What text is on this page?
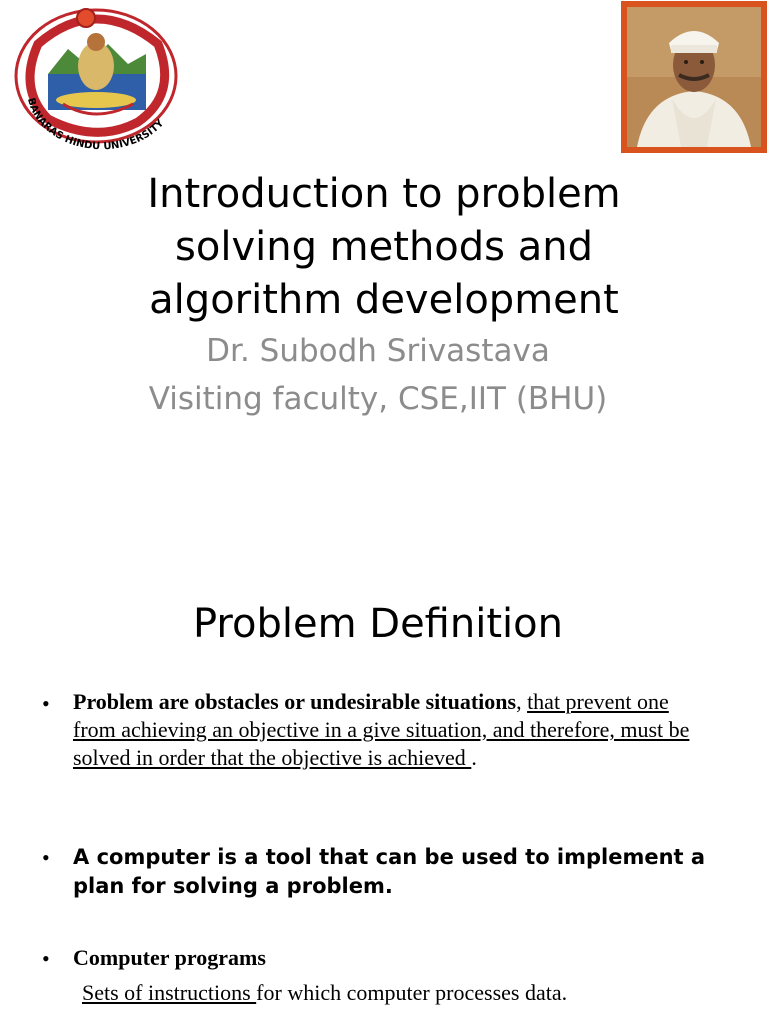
BANARAS HINDU UNIVERSITY
Introduction to problem
solving methods and
algorithm development

Dr. Subodh Srivastava

Visiting faculty, CSE,IIT (BHU)

Problem Definition
• Problem are obstacles or undesirable situations, that prevent one from achieving an objective in a give situation, and therefore, must be solved in order that the objective is achieved .

• A computer is a tool that can be used to implement a plan for solving a problem.

• Computer programs

Sets of instructions for which computer processes data.
